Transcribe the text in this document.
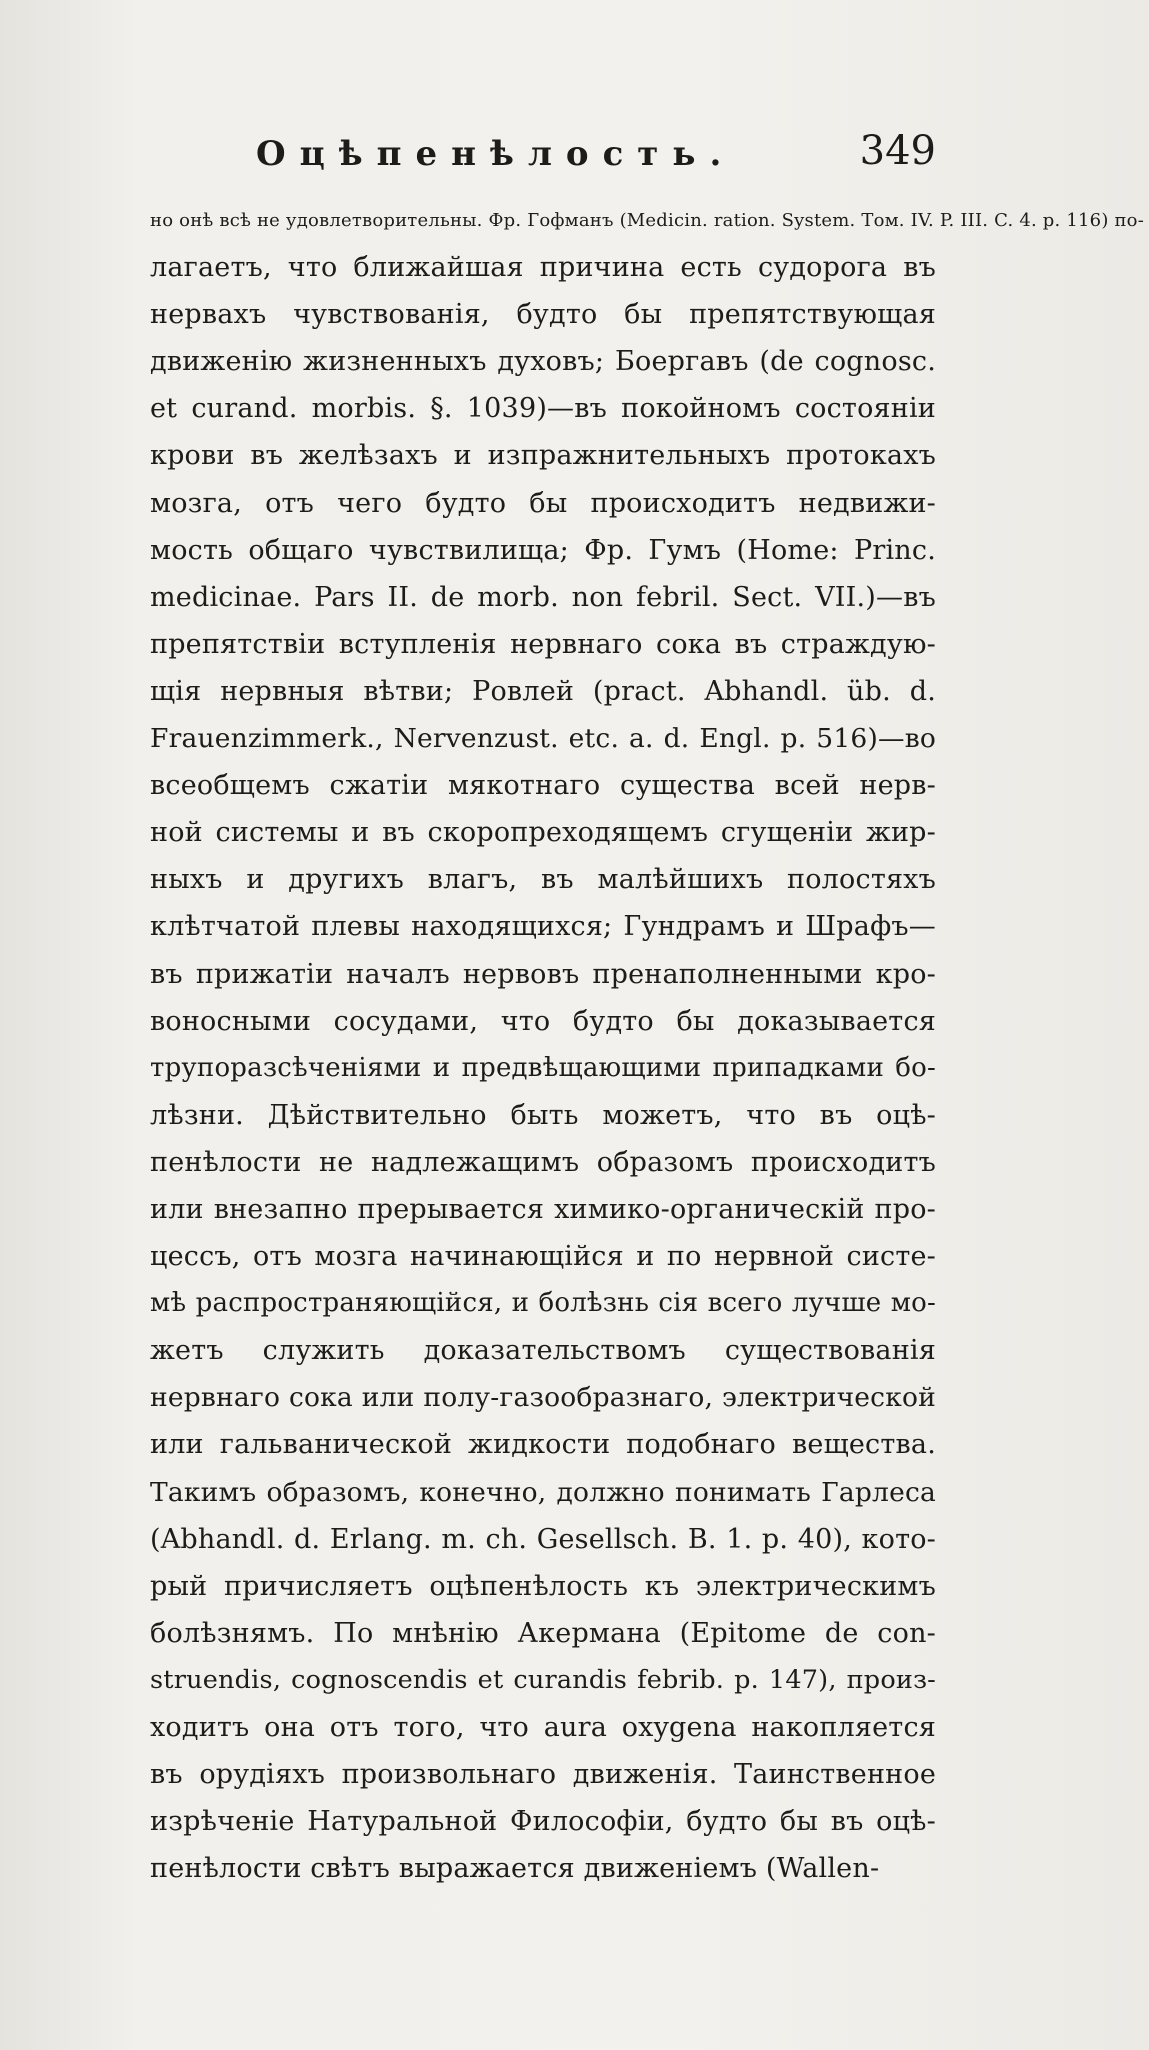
Оцѣпенѣлость.	349
но онѣ всѣ не удовлетворительны. Фр. Гофманъ (Medicin. ration. System. Том. IV. P. III. C. 4. p. 116) по-
лагаетъ, что ближайшая причина есть судорога въ
нервахъ чувствованія, будто бы препятствующая
движенію жизненныхъ духовъ; Боергавъ (de cognosc.
et curand. morbis. §. 1039)—въ покойномъ состояніи
крови въ желѣзахъ и изпражнительныхъ протокахъ
мозга, отъ чего будто бы происходитъ недвижи-
мость общаго чувствилища; Фр. Гумъ (Home: Princ.
medicinae. Pars II. de morb. non febril. Sect. VII.)—въ
препятствіи вступленія нервнаго сока въ страждую-
щія нервныя вѣтви; Ровлей (pract. Abhandl. üb. d.
Frauenzimmerk., Nervenzust. etc. a. d. Engl. p. 516)—во
всеобщемъ сжатіи мякотнаго существа всей нерв-
ной системы и въ скоропреходящемъ сгущеніи жир-
ныхъ и другихъ влагъ, въ малѣйшихъ полостяхъ
клѣтчатой плевы находящихся; Гундрамъ и Шрафъ—
въ прижатіи началъ нервовъ пренаполненными кро-
воносными сосудами, что будто бы доказывается
трупоразсѣченіями и предвѣщающими припадками бо-
лѣзни. Дѣйствительно быть можетъ, что въ оцѣ-
пенѣлости не надлежащимъ образомъ происходитъ
или внезапно прерывается химико-органическій про-
цессъ, отъ мозга начинающійся и по нервной систе-
мѣ распространяющійся, и болѣзнь сія всего лучше мо-
жетъ служить доказательствомъ существованія
нервнаго сока или полу-газообразнаго, электрической
или гальванической жидкости подобнаго вещества.
Такимъ образомъ, конечно, должно понимать Гарлеса
(Abhandl. d. Erlang. m. ch. Gesellsch. B. 1. p. 40), кото-
рый причисляетъ оцѣпенѣлость къ электрическимъ
болѣзнямъ. По мнѣнію Акермана (Epitome de con-
struendis, cognoscendis et curandis febrib. p. 147), произ-
ходитъ она отъ того, что aura oxygena накопляется
въ орудіяхъ произвольнаго движенія. Таинственное
изрѣченіе Натуральной Философіи, будто бы въ оцѣ-
пенѣлости свѣтъ выражается движеніемъ (Wallen-
